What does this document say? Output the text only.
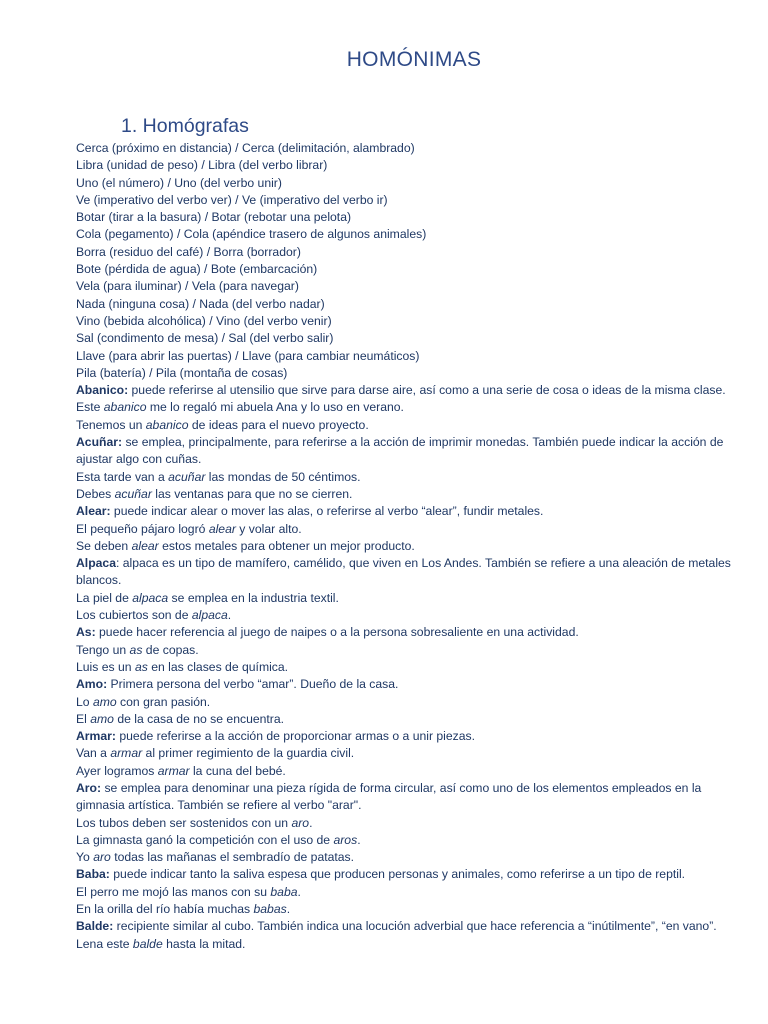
HOMÓNIMAS
1. Homógrafas
Cerca (próximo en distancia) / Cerca (delimitación, alambrado)
Libra (unidad de peso) / Libra (del verbo librar)
Uno (el número) / Uno (del verbo unir)
Ve (imperativo del verbo ver) / Ve (imperativo del verbo ir)
Botar (tirar a la basura) / Botar (rebotar una pelota)
Cola (pegamento) / Cola (apéndice trasero de algunos animales)
Borra (residuo del café) / Borra (borrador)
Bote (pérdida de agua) / Bote (embarcación)
Vela (para iluminar) / Vela (para navegar)
Nada (ninguna cosa) / Nada (del verbo nadar)
Vino (bebida alcohólica) / Vino (del verbo venir)
Sal (condimento de mesa) / Sal (del verbo salir)
Llave (para abrir las puertas) / Llave (para cambiar neumáticos)
Pila (batería) / Pila (montaña de cosas)
Abanico: puede referirse al utensilio que sirve para darse aire, así como a una serie de cosa o ideas de la misma clase.
Este abanico me lo regaló mi abuela Ana y lo uso en verano.
Tenemos un abanico de ideas para el nuevo proyecto.
Acuñar: se emplea, principalmente, para referirse a la acción de imprimir monedas. También puede indicar la acción de ajustar algo con cuñas.
Esta tarde van a acuñar las mondas de 50 céntimos.
Debes acuñar las ventanas para que no se cierren.
Alear: puede indicar alear o mover las alas, o referirse al verbo “alear”, fundir metales.
El pequeño pájaro logró alear y volar alto.
Se deben alear estos metales para obtener un mejor producto.
Alpaca: alpaca es un tipo de mamífero, camélido, que viven en Los Andes. También se refiere a una aleación de metales blancos.
La piel de alpaca se emplea en la industria textil.
Los cubiertos son de alpaca.
As: puede hacer referencia al juego de naipes o a la persona sobresaliente en una actividad.
Tengo un as de copas.
Luis es un as en las clases de química.
Amo: Primera persona del verbo “amar”. Dueño de la casa.
Lo amo con gran pasión.
El amo de la casa de no se encuentra.
Armar: puede referirse a la acción de proporcionar armas o a unir piezas.
Van a armar al primer regimiento de la guardia civil.
Ayer logramos armar la cuna del bebé.
Aro: se emplea para denominar una pieza rígida de forma circular, así como uno de los elementos empleados en la gimnasia artística. También se refiere al verbo "arar".
Los tubos deben ser sostenidos con un aro.
La gimnasta ganó la competición con el uso de aros.
Yo aro todas las mañanas el sembradío de patatas.
Baba: puede indicar tanto la saliva espesa que producen personas y animales, como referirse a un tipo de reptil.
El perro me mojó las manos con su baba.
En la orilla del río había muchas babas.
Balde: recipiente similar al cubo. También indica una locución adverbial que hace referencia a “inútilmente”, “en vano”.
Lena este balde hasta la mitad.
